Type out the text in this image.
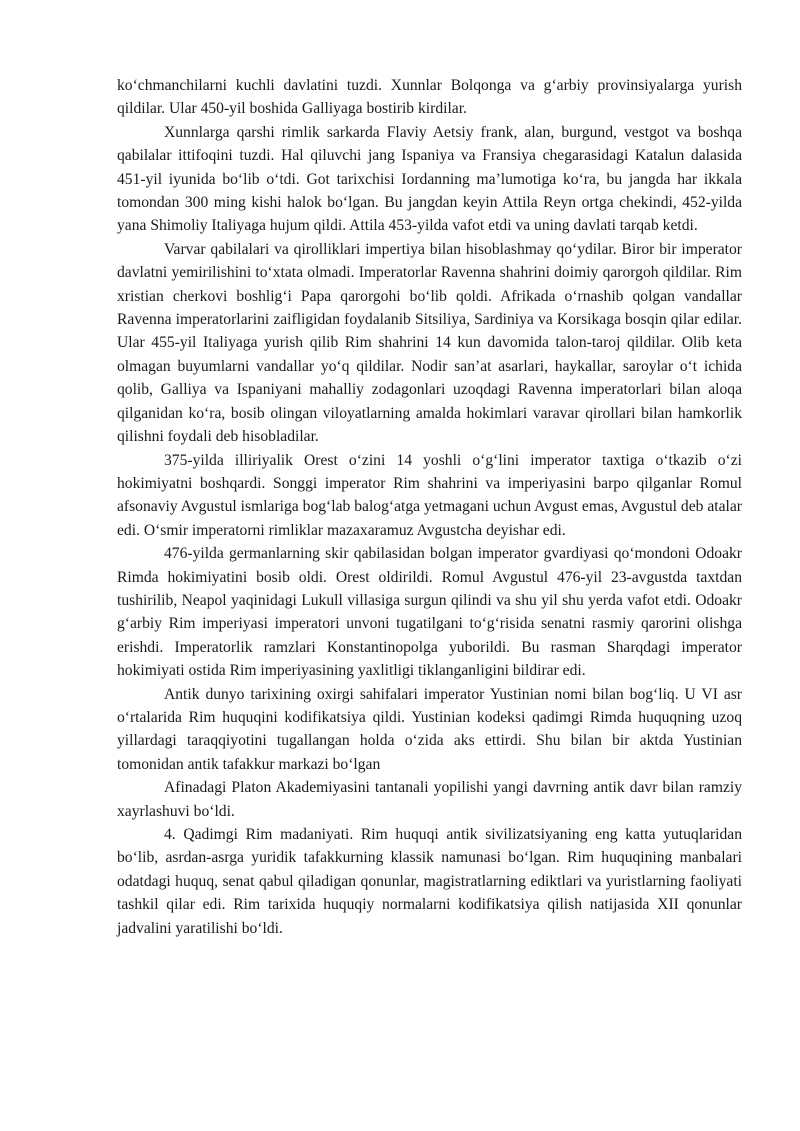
ko‘chmanchilarni kuchli davlatini tuzdi. Xunnlar Bolqonga va g‘arbiy provinsiyalarga yurish qildilar. Ular 450-yil boshida Galliyaga bostirib kirdilar.

Xunnlarga qarshi rimlik sarkarda Flaviy Aetsiy frank, alan, burgund, vestgot va boshqa qabilalar ittifoqini tuzdi. Hal qiluvchi jang Ispaniya va Fransiya chegarasidagi Katalun dalasida 451-yil iyunida bo‘lib o‘tdi. Got tarixchisi Iordanning ma’lumotiga ko‘ra, bu jangda har ikkala tomondan 300 ming kishi halok bo‘lgan. Bu jangdan keyin Attila Reyn ortga chekindi, 452-yilda yana Shimoliy Italiyaga hujum qildi. Attila 453-yilda vafot etdi va uning davlati tarqab ketdi.

Varvar qabilalari va qirolliklari impertiya bilan hisoblashmay qo‘ydilar. Biror bir imperator davlatni yemirilishini to‘xtata olmadi. Imperatorlar Ravenna shahrini doimiy qarorgoh qildilar. Rim xristian cherkovi boshlig‘i Papa qarorgohi bo‘lib qoldi. Afrikada o‘rnashib qolgan vandallar Ravenna imperatorlarini zaifligidan foydalanib Sitsiliya, Sardiniya va Korsikaga bosqin qilar edilar. Ular 455-yil Italiyaga yurish qilib Rim shahrini 14 kun davomida talon-taroj qildilar. Olib keta olmagan buyumlarni vandallar yo‘q qildilar. Nodir san’at asarlari, haykallar, saroylar o‘t ichida qolib, Galliya va Ispaniyani mahalliy zodagonlari uzoqdagi Ravenna imperatorlari bilan aloqa qilganidan ko‘ra, bosib olingan viloyatlarning amalda hokimlari varavar qirollari bilan hamkorlik qilishni foydali deb hisobladilar.

375-yilda illiriyalik Orest o‘zini 14 yoshli o‘g‘lini imperator taxtiga o‘tkazib o‘zi hokimiyatni boshqardi. Songgi imperator Rim shahrini va imperiyasini barpo qilganlar Romul afsonaviy Avgustul ismlariga bog‘lab balog‘atga yetmagani uchun Avgust emas, Avgustul deb atalar edi. O‘smir imperatorni rimliklar mazaxaramuz Avgustcha deyishar edi.

476-yilda germanlarning skir qabilasidan bolgan imperator gvardiyasi qo‘mondoni Odoakr Rimda hokimiyatini bosib oldi. Orest oldirildi. Romul Avgustul 476-yil 23-avgustda taxtdan tushirilib, Neapol yaqinidagi Lukull villasiga surgun qilindi va shu yil shu yerda vafot etdi. Odoakr g‘arbiy Rim imperiyasi imperatori unvoni tugatilgani to‘g‘risida senatni rasmiy qarorini olishga erishdi. Imperatorlik ramzlari Konstantinopolga yuborildi. Bu rasman Sharqdagi imperator hokimiyati ostida Rim imperiyasining yaxlitligi tiklanganligini bildirar edi.

Antik dunyo tarixining oxirgi sahifalari imperator Yustinian nomi bilan bog‘liq. U VI asr o‘rtalarida Rim huquqini kodifikatsiya qildi. Yustinian kodeksi qadimgi Rimda huquqning uzoq yillardagi taraqqiyotini tugallangan holda o‘zida aks ettirdi. Shu bilan bir aktda Yustinian tomonidan antik tafakkur markazi bo‘lgan

Afinadagi Platon Akademiyasini tantanali yopilishi yangi davrning antik davr bilan ramziy xayrlashuvi bo‘ldi.

4. Qadimgi Rim madaniyati. Rim huquqi antik sivilizatsiyaning eng katta yutuqlaridan bo‘lib, asrdan-asrga yuridik tafakkurning klassik namunasi bo‘lgan. Rim huquqining manbalari odatdagi huquq, senat qabul qiladigan qonunlar, magistratlarning ediktlari va yuristlarning faoliyati tashkil qilar edi. Rim tarixida huquqiy normalarni kodifikatsiya qilish natijasida XII qonunlar jadvalini yaratilishi bo‘ldi.
